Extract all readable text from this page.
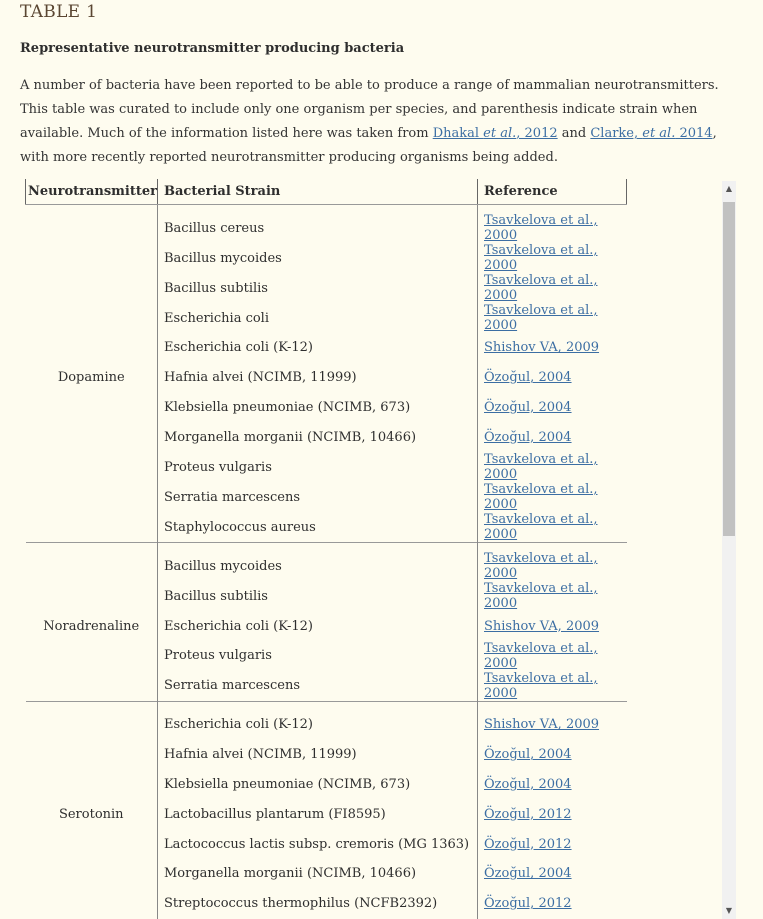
TABLE 1
Representative neurotransmitter producing bacteria
A number of bacteria have been reported to be able to produce a range of mammalian neurotransmitters. This table was curated to include only one organism per species, and parenthesis indicate strain when available. Much of the information listed here was taken from Dhakal et al., 2012 and Clarke, et al. 2014, with more recently reported neurotransmitter producing organisms being added.
Neurotransmitter	Bacterial Strain	Reference
Dopamine	Bacillus cereus	Tsavkelova et al., 2000
	Bacillus mycoides	Tsavkelova et al., 2000
	Bacillus subtilis	Tsavkelova et al., 2000
	Escherichia coli	Tsavkelova et al., 2000
	Escherichia coli (K-12)	Shishov VA, 2009
	Hafnia alvei (NCIMB, 11999)	Özoğul, 2004
	Klebsiella pneumoniae (NCIMB, 673)	Özoğul, 2004
	Morganella morganii (NCIMB, 10466)	Özoğul, 2004
	Proteus vulgaris	Tsavkelova et al., 2000
	Serratia marcescens	Tsavkelova et al., 2000
	Staphylococcus aureus	Tsavkelova et al., 2000
Noradrenaline	Bacillus mycoides	Tsavkelova et al., 2000
	Bacillus subtilis	Tsavkelova et al., 2000
	Escherichia coli (K-12)	Shishov VA, 2009
	Proteus vulgaris	Tsavkelova et al., 2000
	Serratia marcescens	Tsavkelova et al., 2000
Serotonin	Escherichia coli (K-12)	Shishov VA, 2009
	Hafnia alvei (NCIMB, 11999)	Özoğul, 2004
	Klebsiella pneumoniae (NCIMB, 673)	Özoğul, 2004
	Lactobacillus plantarum (FI8595)	Özoğul, 2012
	Lactococcus lactis subsp. cremoris (MG 1363)	Özoğul, 2012
	Morganella morganii (NCIMB, 10466)	Özoğul, 2004
	Streptococcus thermophilus (NCFB2392)	Özoğul, 2012
▲
▼
